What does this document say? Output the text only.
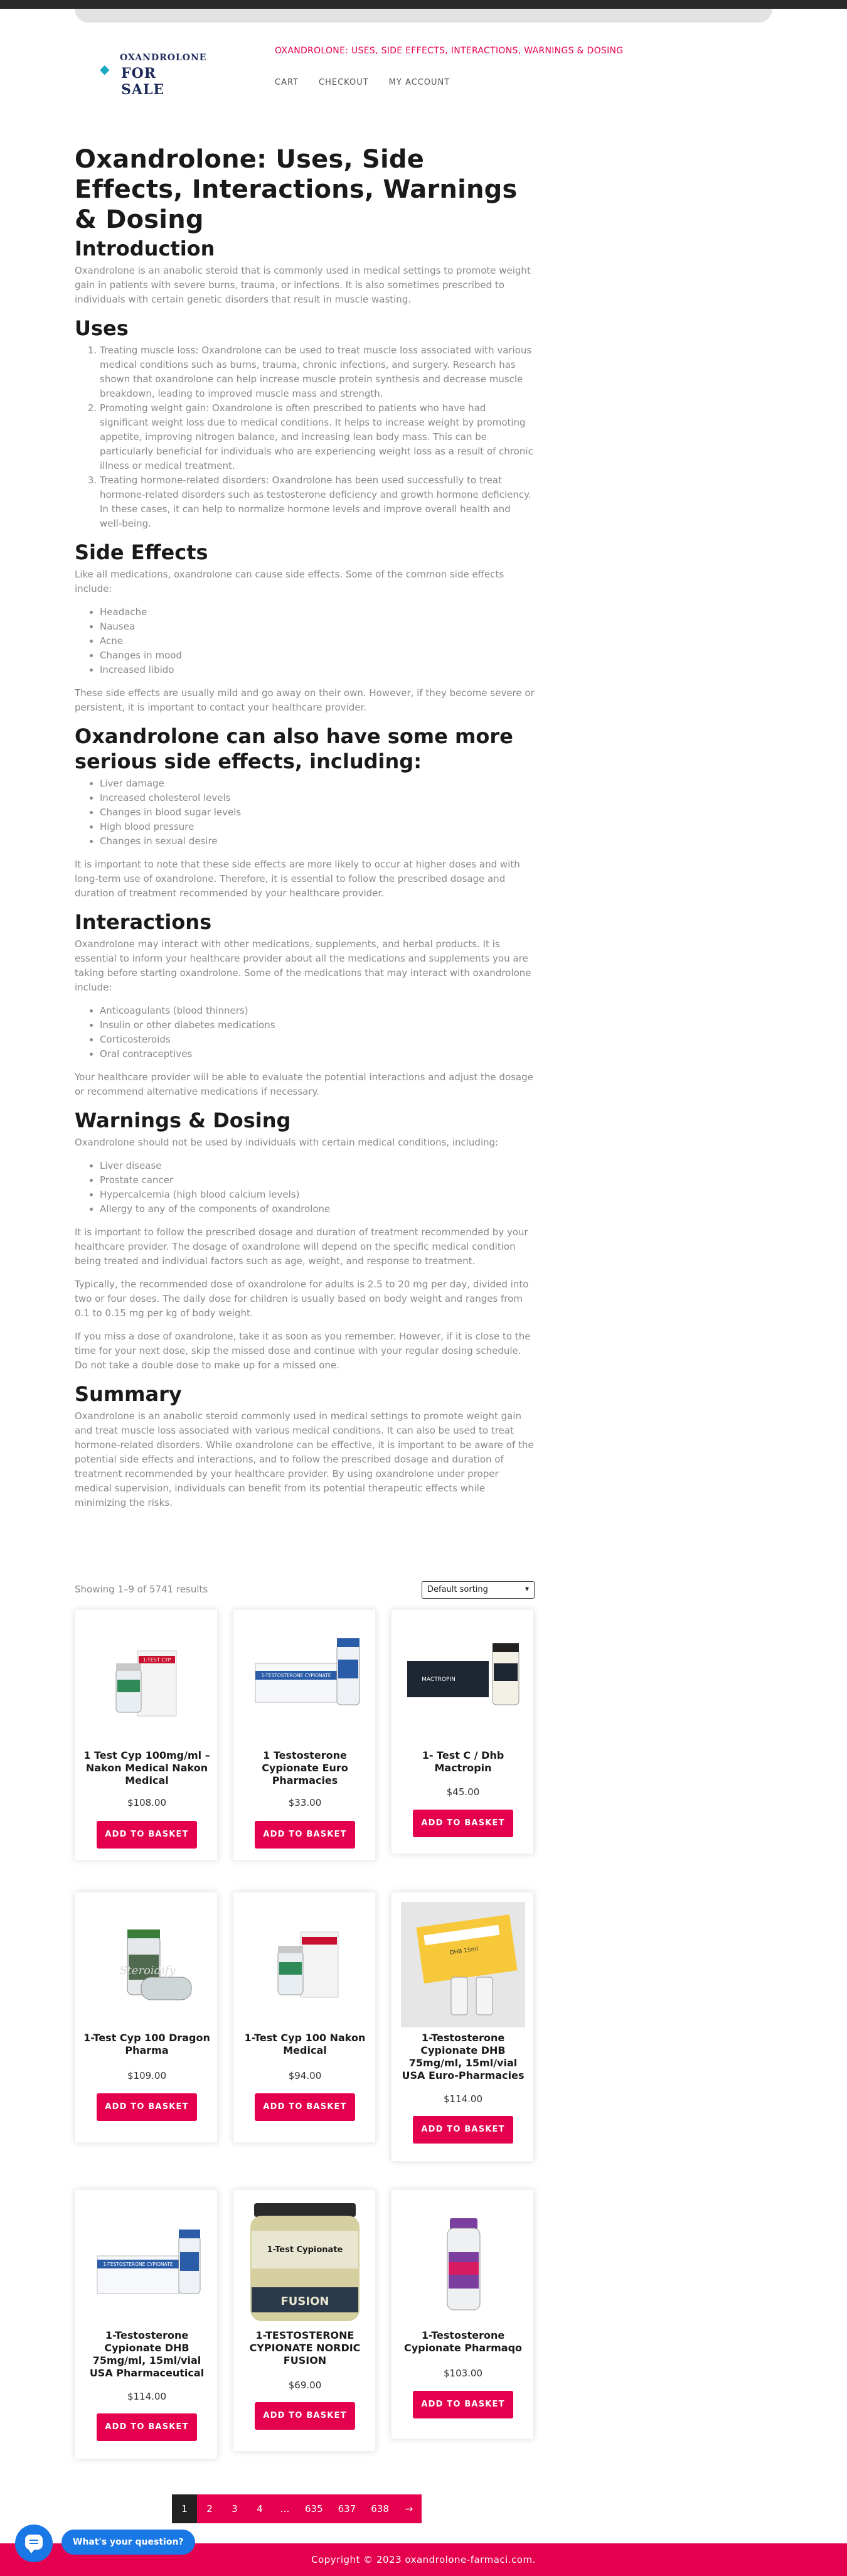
◆
OXANDROLONE
FOR SALE
OXANDROLONE: USES, SIDE EFFECTS, INTERACTIONS, WARNINGS & DOSING
CART CHECKOUT MY ACCOUNT
Oxandrolone: Uses, Side Effects, Interactions, Warnings & Dosing
Introduction

Oxandrolone is an anabolic steroid that is commonly used in medical settings to promote weight gain in patients with severe burns, trauma, or infections. It is also sometimes prescribed to individuals with certain genetic disorders that result in muscle wasting.

Uses
1. Treating muscle loss: Oxandrolone can be used to treat muscle loss associated with various medical conditions such as burns, trauma, chronic infections, and surgery. Research has shown that oxandrolone can help increase muscle protein synthesis and decrease muscle breakdown, leading to improved muscle mass and strength.
2. Promoting weight gain: Oxandrolone is often prescribed to patients who have had significant weight loss due to medical conditions. It helps to increase weight by promoting appetite, improving nitrogen balance, and increasing lean body mass. This can be particularly beneficial for individuals who are experiencing weight loss as a result of chronic illness or medical treatment.
3. Treating hormone-related disorders: Oxandrolone has been used successfully to treat hormone-related disorders such as testosterone deficiency and growth hormone deficiency. In these cases, it can help to normalize hormone levels and improve overall health and well-being.
Side Effects

Like all medications, oxandrolone can cause side effects. Some of the common side effects include:

• Headache
• Nausea
• Acne
• Changes in mood
• Increased libido

These side effects are usually mild and go away on their own. However, if they become severe or persistent, it is important to contact your healthcare provider.

Oxandrolone can also have some more serious side effects, including:
• Liver damage
• Increased cholesterol levels
• Changes in blood sugar levels
• High blood pressure
• Changes in sexual desire

It is important to note that these side effects are more likely to occur at higher doses and with long-term use of oxandrolone. Therefore, it is essential to follow the prescribed dosage and duration of treatment recommended by your healthcare provider.

Interactions

Oxandrolone may interact with other medications, supplements, and herbal products. It is essential to inform your healthcare provider about all the medications and supplements you are taking before starting oxandrolone. Some of the medications that may interact with oxandrolone include:

• Anticoagulants (blood thinners)
• Insulin or other diabetes medications
• Corticosteroids
• Oral contraceptives

Your healthcare provider will be able to evaluate the potential interactions and adjust the dosage or recommend alternative medications if necessary.

Warnings & Dosing

Oxandrolone should not be used by individuals with certain medical conditions, including:

• Liver disease
• Prostate cancer
• Hypercalcemia (high blood calcium levels)
• Allergy to any of the components of oxandrolone

It is important to follow the prescribed dosage and duration of treatment recommended by your healthcare provider. The dosage of oxandrolone will depend on the specific medical condition being treated and individual factors such as age, weight, and response to treatment.

Typically, the recommended dose of oxandrolone for adults is 2.5 to 20 mg per day, divided into two or four doses. The daily dose for children is usually based on body weight and ranges from 0.1 to 0.15 mg per kg of body weight.

If you miss a dose of oxandrolone, take it as soon as you remember. However, if it is close to the time for your next dose, skip the missed dose and continue with your regular dosing schedule. Do not take a double dose to make up for a missed one.

Summary

Oxandrolone is an anabolic steroid commonly used in medical settings to promote weight gain and treat muscle loss associated with various medical conditions. It can also be used to treat hormone-related disorders. While oxandrolone can be effective, it is important to be aware of the potential side effects and interactions, and to follow the prescribed dosage and duration of treatment recommended by your healthcare provider. By using oxandrolone under proper medical supervision, individuals can benefit from its potential therapeutic effects while minimizing the risks.

Showing 1–9 of 5741 results	Default sorting	▾
1-TEST CYP
1 Test Cyp 100mg/ml – Nakon Medical Nakon Medical
$108.00
ADD TO BASKET
1-TESTOSTERONE CYPIONATE
1 Testosterone Cypionate Euro Pharmacies
$33.00
ADD TO BASKET
MACTROPIN
1- Test C / Dhb Mactropin
$45.00
ADD TO BASKET
Steroidify
1-Test Cyp 100 Dragon Pharma
$109.00
ADD TO BASKET
1-Test Cyp 100 Nakon Medical
$94.00
ADD TO BASKET
DHB 15ml
1-Testosterone Cypionate DHB 75mg/ml, 15ml/vial USA Euro-Pharmacies
$114.00
ADD TO BASKET
1-TESTOSTERONE CYPIONATE
1-Testosterone Cypionate DHB 75mg/ml, 15ml/vial USA Pharmaceutical
$114.00
ADD TO BASKET
1-Test Cypionate
FUSION
1-TESTOSTERONE CYPIONATE NORDIC FUSION
$69.00
ADD TO BASKET
1-Testosterone Cypionate Pharmaqo
$103.00
ADD TO BASKET
1	2	3	4	…	635	637	638	→
Copyright © 2023 oxandrolone-farmaci.com.
What's your question?
